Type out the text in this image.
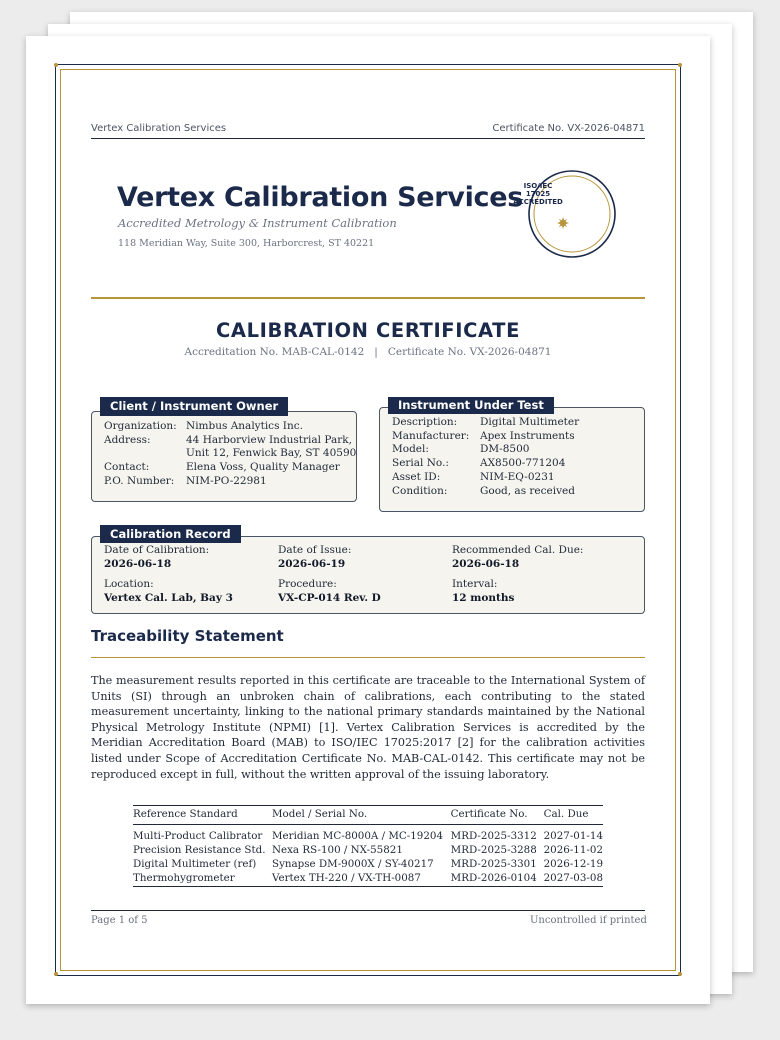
Vertex Calibration Services	Certificate No. VX-2026-04871
Vertex Calibration Services
Accredited Metrology & Instrument Calibration
118 Meridian Way, Suite 300, Harborcrest, ST 40221
ISO/IEC
17025
ACCREDITED
CALIBRATION CERTIFICATE
Accreditation No. MAB-CAL-0142 | Certificate No. VX-2026-04871
Client / Instrument Owner
Organization: Nimbus Analytics Inc.
Address:	44 Harborview Industrial Park,
Unit 12, Fenwick Bay, ST 40590
Contact:	Elena Voss, Quality Manager
P.O. Number:	NIM-PO-22981
Instrument Under Test
Description:	Digital Multimeter
Manufacturer:	Apex Instruments
Model:	DM-8500
Serial No.:	AX8500-771204
Asset ID:	NIM-EQ-0231
Condition:	Good, as received
Calibration Record
Date of Calibration:
2026-06-18
Date of Issue:
2026-06-19
Recommended Cal. Due:
2026-06-18
Location:
Vertex Cal. Lab, Bay 3
Procedure:
VX-CP-014 Rev. D
Interval:
12 months
Traceability Statement
The measurement results reported in this certificate are traceable to the International System of Units (SI) through an unbroken chain of calibrations, each contributing to the stated measurement uncertainty, linking to the national primary standards maintained by the National Physical Metrology Institute (NPMI) [1]. Vertex Calibration Services is accredited by the Meridian Accreditation Board (MAB) to ISO/IEC 17025:2017 [2] for the calibration activities listed under Scope of Accreditation Certificate No. MAB-CAL-0142. This certificate may not be reproduced except in full, without the written approval of the issuing laboratory.
Reference Standard	Model / Serial No.	Certificate No.	Cal. Due
Multi-Product Calibrator	Meridian MC-8000A / MC-19204	MRD-2025-3312	2027-01-14
Precision Resistance Std.	Nexa RS-100 / NX-55821	MRD-2025-3288	2026-11-02
Digital Multimeter (ref)	Synapse DM-9000X / SY-40217	MRD-2025-3301	2026-12-19
Thermohygrometer	Vertex TH-220 / VX-TH-0087	MRD-2026-0104	2027-03-08
Page 1 of 5	Uncontrolled if printed
